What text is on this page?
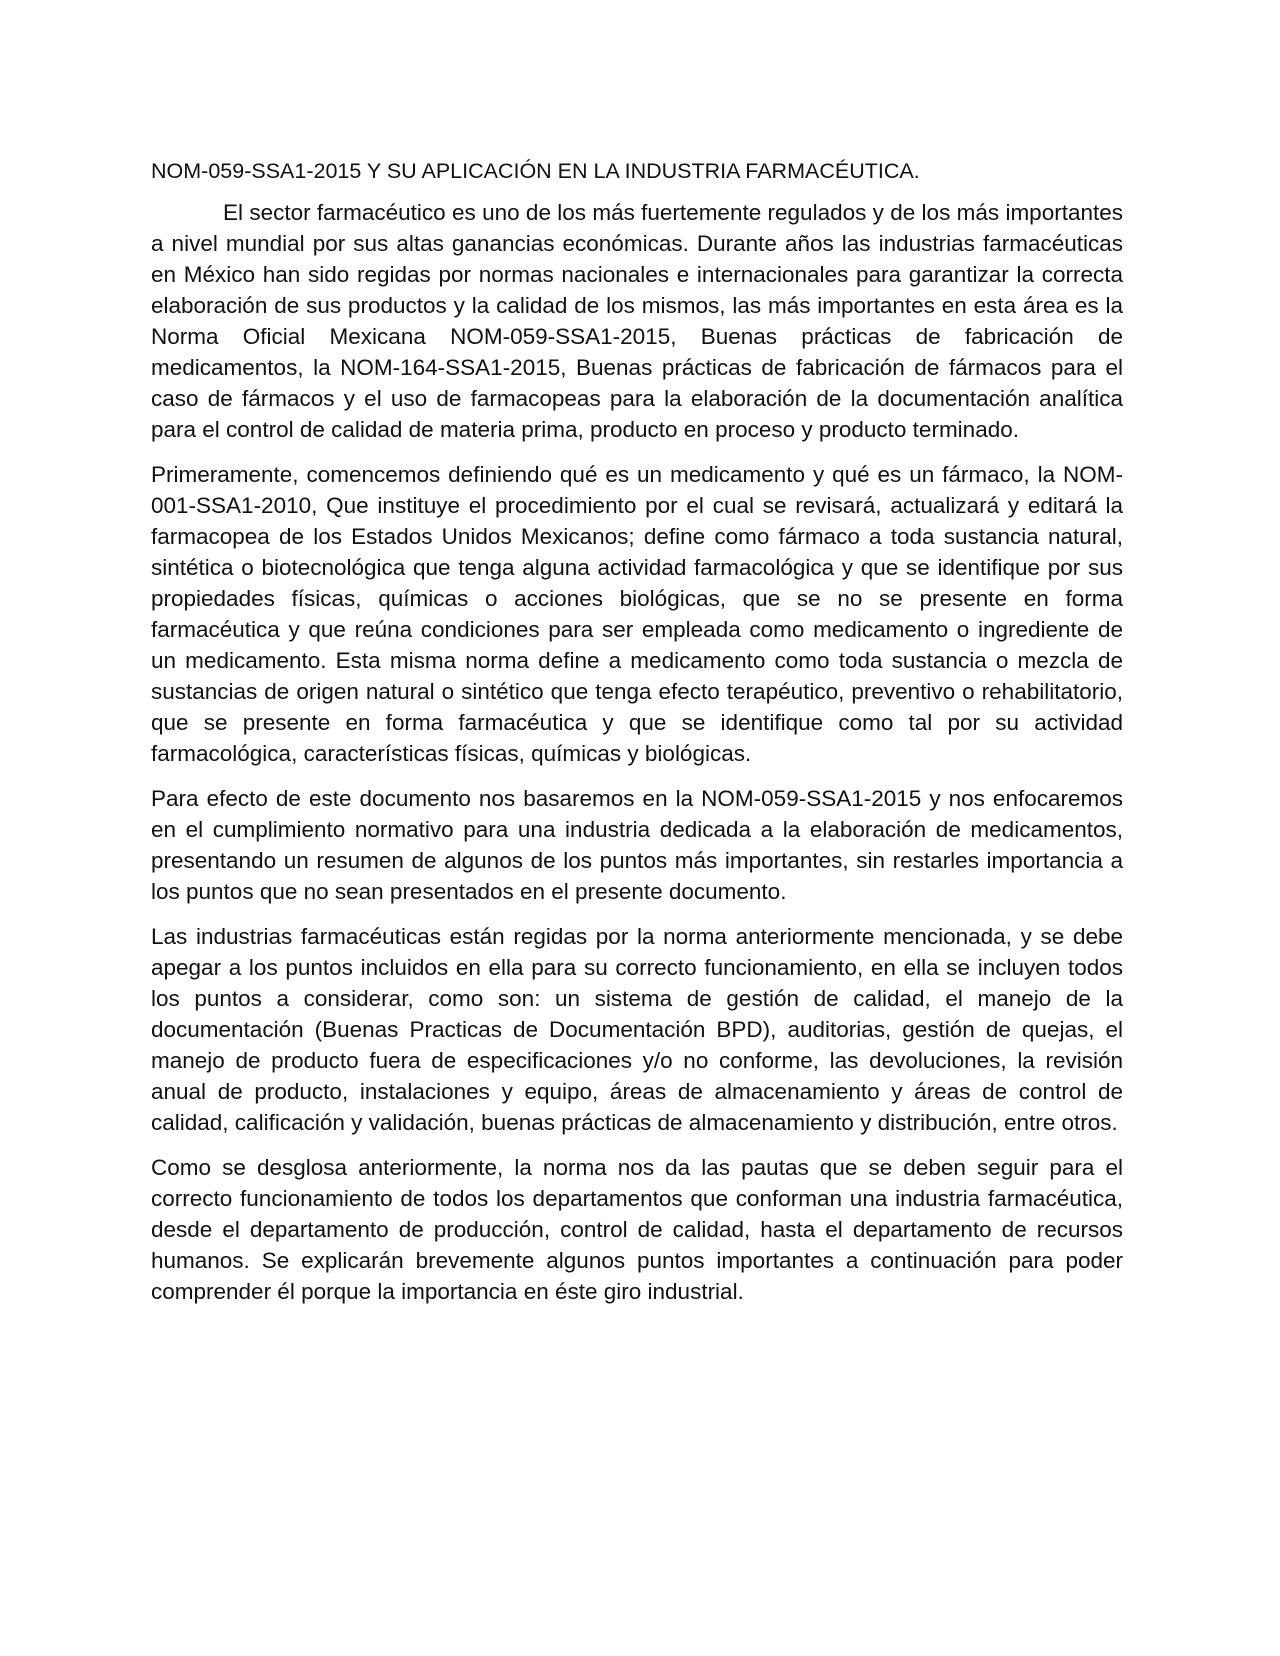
NOM-059-SSA1-2015 Y SU APLICACIÓN EN LA INDUSTRIA FARMACÉUTICA.

El sector farmacéutico es uno de los más fuertemente regulados y de los más importantes a nivel mundial por sus altas ganancias económicas. Durante años las industrias farmacéuticas en México han sido regidas por normas nacionales e internacionales para garantizar la correcta elaboración de sus productos y la calidad de los mismos, las más importantes en esta área es la Norma Oficial Mexicana NOM-059-SSA1-2015, Buenas prácticas de fabricación de medicamentos, la NOM-164-SSA1-2015, Buenas prácticas de fabricación de fármacos para el caso de fármacos y el uso de farmacopeas para la elaboración de la documentación analítica para el control de calidad de materia prima, producto en proceso y producto terminado.

Primeramente, comencemos definiendo qué es un medicamento y qué es un fármaco, la NOM-001-SSA1-2010, Que instituye el procedimiento por el cual se revisará, actualizará y editará la farmacopea de los Estados Unidos Mexicanos; define como fármaco a toda sustancia natural, sintética o biotecnológica que tenga alguna actividad farmacológica y que se identifique por sus propiedades físicas, químicas o acciones biológicas, que se no se presente en forma farmacéutica y que reúna condiciones para ser empleada como medicamento o ingrediente de un medicamento. Esta misma norma define a medicamento como toda sustancia o mezcla de sustancias de origen natural o sintético que tenga efecto terapéutico, preventivo o rehabilitatorio, que se presente en forma farmacéutica y que se identifique como tal por su actividad farmacológica, características físicas, químicas y biológicas.

Para efecto de este documento nos basaremos en la NOM-059-SSA1-2015 y nos enfocaremos en el cumplimiento normativo para una industria dedicada a la elaboración de medicamentos, presentando un resumen de algunos de los puntos más importantes, sin restarles importancia a los puntos que no sean presentados en el presente documento.

Las industrias farmacéuticas están regidas por la norma anteriormente mencionada, y se debe apegar a los puntos incluidos en ella para su correcto funcionamiento, en ella se incluyen todos los puntos a considerar, como son: un sistema de gestión de calidad, el manejo de la documentación (Buenas Practicas de Documentación BPD), auditorias, gestión de quejas, el manejo de producto fuera de especificaciones y/o no conforme, las devoluciones, la revisión anual de producto, instalaciones y equipo, áreas de almacenamiento y áreas de control de calidad, calificación y validación, buenas prácticas de almacenamiento y distribución, entre otros.

Como se desglosa anteriormente, la norma nos da las pautas que se deben seguir para el correcto funcionamiento de todos los departamentos que conforman una industria farmacéutica, desde el departamento de producción, control de calidad, hasta el departamento de recursos humanos. Se explicarán brevemente algunos puntos importantes a continuación para poder comprender él porque la importancia en éste giro industrial.
